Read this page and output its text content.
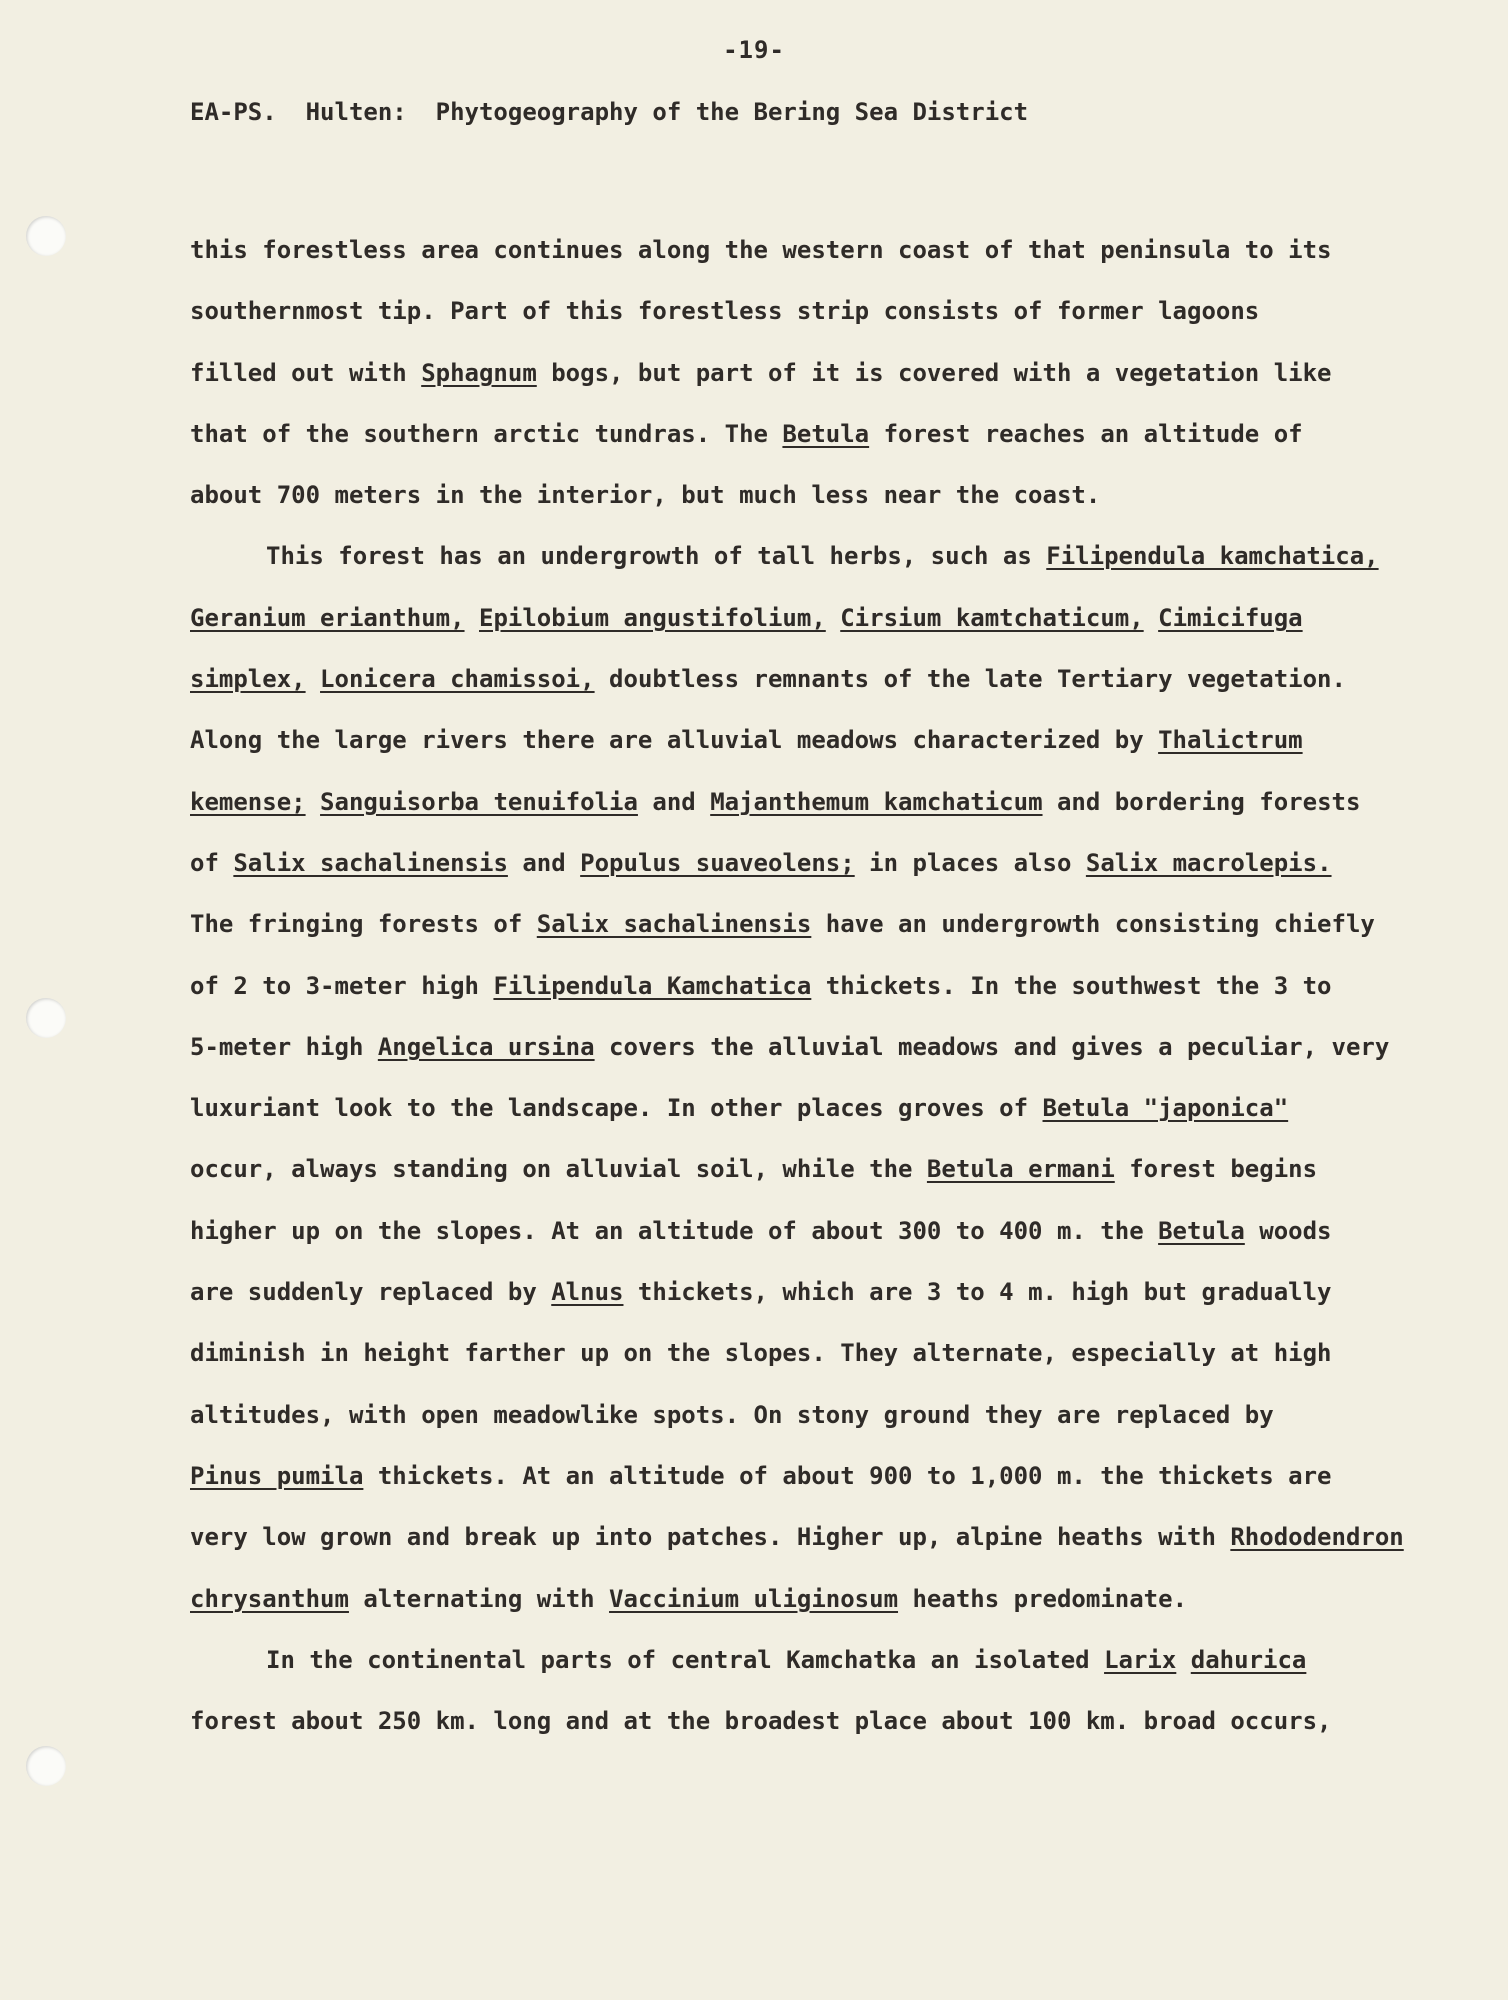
-19-
EA-PS.  Hulten:  Phytogeography of the Bering Sea District
this forestless area continues along the western coast of that peninsula to its
southernmost tip. Part of this forestless strip consists of former lagoons
filled out with Sphagnum bogs, but part of it is covered with a vegetation like
that of the southern arctic tundras. The Betula forest reaches an altitude of
about 700 meters in the interior, but much less near the coast.
This forest has an undergrowth of tall herbs, such as Filipendula kamchatica,
Geranium erianthum, Epilobium angustifolium, Cirsium kamtchaticum, Cimicifuga
simplex, Lonicera chamissoi, doubtless remnants of the late Tertiary vegetation.
Along the large rivers there are alluvial meadows characterized by Thalictrum
kemense; Sanguisorba tenuifolia and Majanthemum kamchaticum and bordering forests
of Salix sachalinensis and Populus suaveolens; in places also Salix macrolepis.
The fringing forests of Salix sachalinensis have an undergrowth consisting chiefly
of 2 to 3-meter high Filipendula Kamchatica thickets. In the southwest the 3 to
5-meter high Angelica ursina covers the alluvial meadows and gives a peculiar, very
luxuriant look to the landscape. In other places groves of Betula "japonica"
occur, always standing on alluvial soil, while the Betula ermani forest begins
higher up on the slopes. At an altitude of about 300 to 400 m. the Betula woods
are suddenly replaced by Alnus thickets, which are 3 to 4 m. high but gradually
diminish in height farther up on the slopes. They alternate, especially at high
altitudes, with open meadowlike spots. On stony ground they are replaced by
Pinus pumila thickets. At an altitude of about 900 to 1,000 m. the thickets are
very low grown and break up into patches. Higher up, alpine heaths with Rhododendron
chrysanthum alternating with Vaccinium uliginosum heaths predominate.
In the continental parts of central Kamchatka an isolated Larix dahurica
forest about 250 km. long and at the broadest place about 100 km. broad occurs,
